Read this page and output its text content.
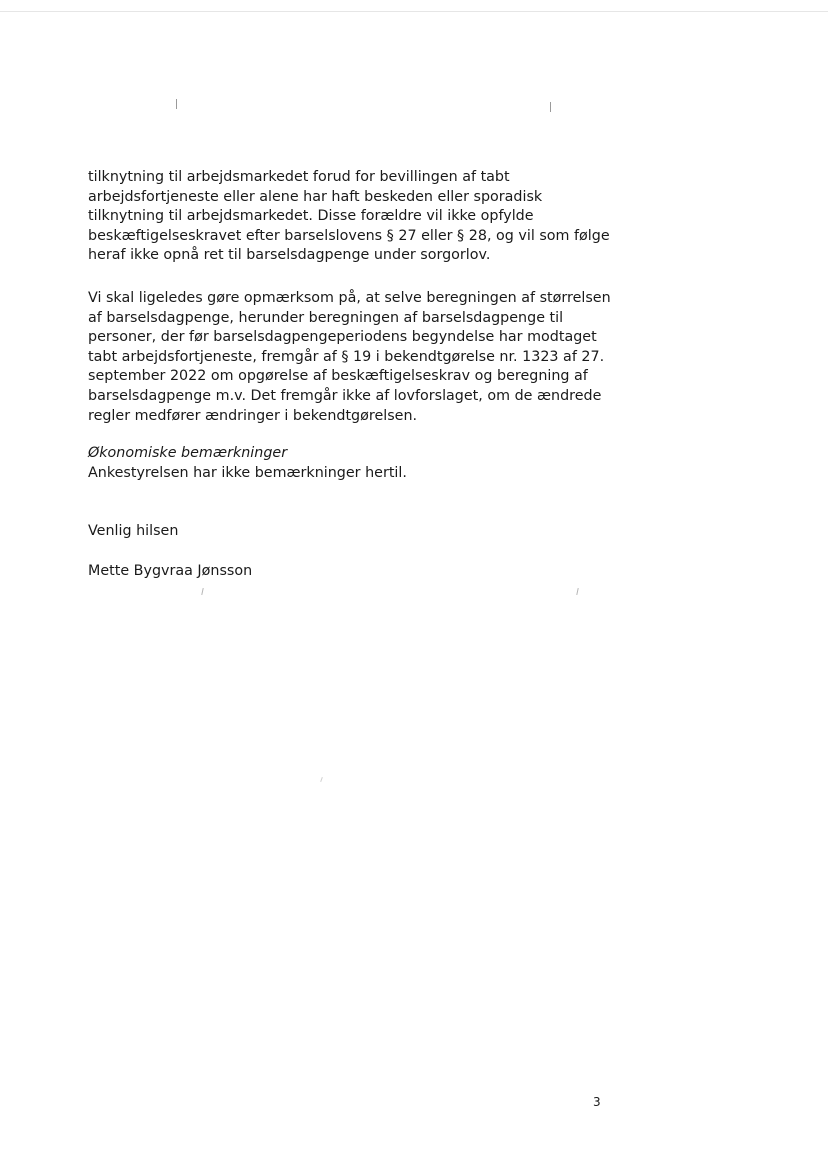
tilknytning til arbejdsmarkedet forud for bevillingen af tabt
arbejdsfortjeneste eller alene har haft beskeden eller sporadisk
tilknytning til arbejdsmarkedet. Disse forældre vil ikke opfylde
beskæftigelseskravet efter barselslovens § 27 eller § 28, og vil som følge
heraf ikke opnå ret til barselsdagpenge under sorgorlov.

Vi skal ligeledes gøre opmærksom på, at selve beregningen af størrelsen
af barselsdagpenge, herunder beregningen af barselsdagpenge til
personer, der før barselsdagpengeperiodens begyndelse har modtaget
tabt arbejdsfortjeneste, fremgår af § 19 i bekendtgørelse nr. 1323 af 27.
september 2022 om opgørelse af beskæftigelseskrav og beregning af
barselsdagpenge m.v. Det fremgår ikke af lovforslaget, om de ændrede
regler medfører ændringer i bekendtgørelsen.

Økonomiske bemærkninger
Ankestyrelsen har ikke bemærkninger hertil.
Venlig hilsen
Mette Bygvraa Jønsson
3
